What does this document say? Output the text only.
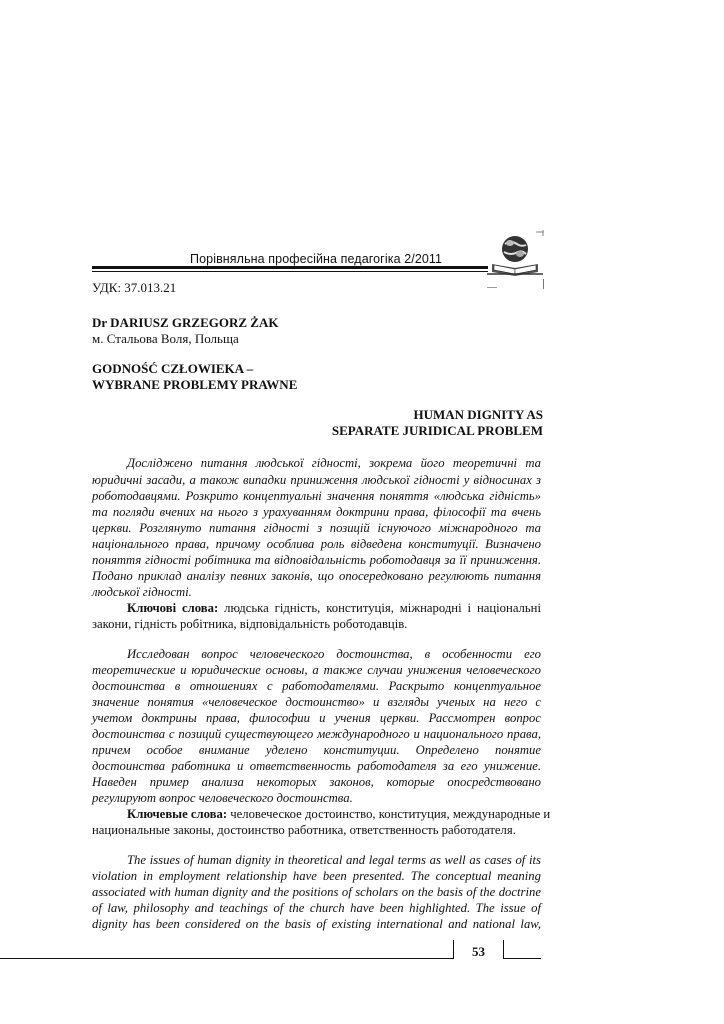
Порівняльна професійна педагогіка 2/2011
УДК: 37.013.21
Dr DARIUSZ GRZEGORZ ŻAK
м. Стальова Воля, Польща
GODNOŚĆ CZŁOWIEKA –
WYBRANE PROBLEMY PRAWNE
HUMAN DIGNITY AS
SEPARATE JURIDICAL PROBLEM
Досліджено питання людської гідності, зокрема його теоретичні та
юридичні засади, а також випадки приниження людської гідності у відносинах з
роботодавцями. Розкрито концептуальні значення поняття «людська гідність»
та погляди вчених на нього з урахуванням доктрини права, філософії та вчень
церкви. Розглянуто питання гідності з позицій існуючого міжнародного та
національного права, причому особлива роль відведена конституції. Визначено
поняття гідності робітника та відповідальність роботодавця за її приниження.
Подано приклад аналізу певних законів, що опосередковано регулюють питання
людської гідності.
Ключові слова: людська гідність, конституція, міжнародні і національні
закони, гідність робітника, відповідальність роботодавців.
Исследован вопрос человеческого достоинства, в особенности его
теоретические и юридические основы, а также случаи унижения человеческого
достоинства в отношениях с работодателями. Раскрыто концептуальное
значение понятия «человеческое достоинство» и взгляды ученых на него с
учетом доктрины права, философии и учения церкви. Рассмотрен вопрос
достоинства с позиций существующего международного и национального права,
причем особое внимание уделено конституции. Определено понятие
достоинства работника и ответственность работодателя за его унижение.
Наведен пример анализа некоторых законов, которые опосредствовано
регулируют вопрос человеческого достоинства.
Ключевые слова: человеческое достоинство, конституция, международные и
национальные законы, достоинство работника, ответственность работодателя.
The issues of human dignity in theoretical and legal terms as well as cases of its
violation in employment relationship have been presented. The conceptual meaning
associated with human dignity and the positions of scholars on the basis of the doctrine
of law, philosophy and teachings of the church have been highlighted. The issue of
dignity has been considered on the basis of existing international and national law,
53
